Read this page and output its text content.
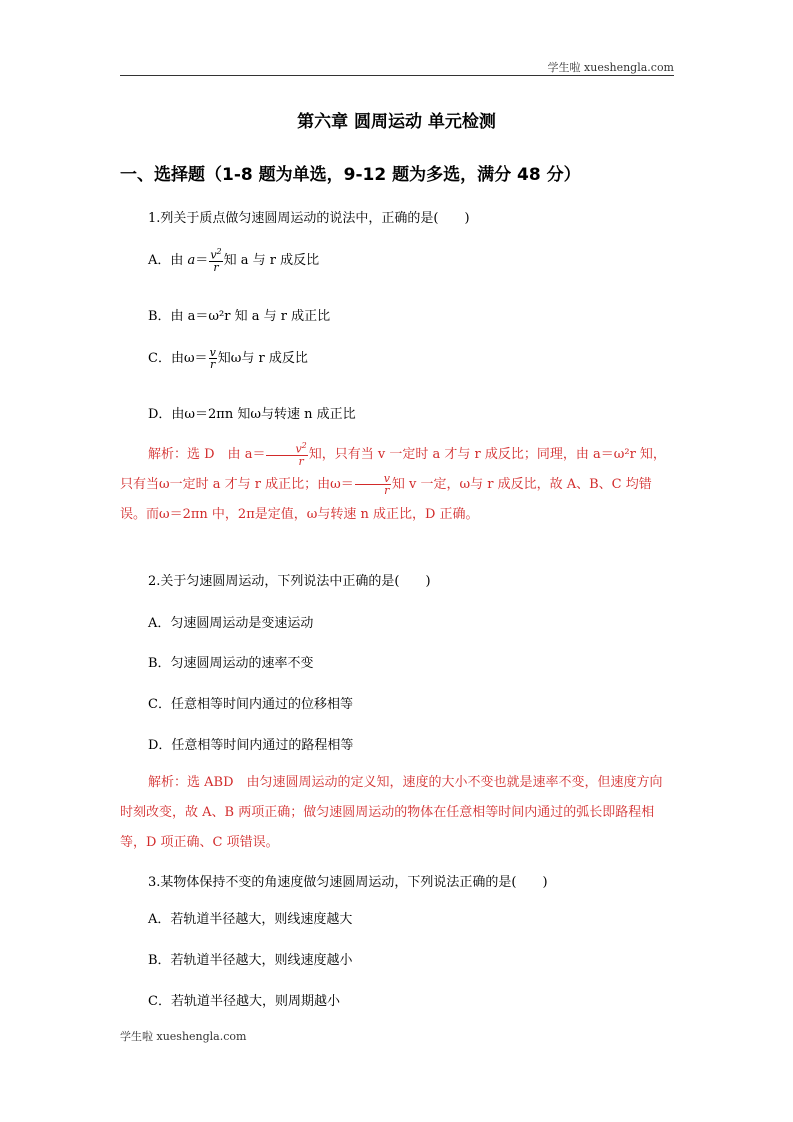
学生啦 xueshengla.com
第六章 圆周运动 单元检测
一、选择题（1-8 题为单选，9-12 题为多选，满分 48 分）
1.列关于质点做匀速圆周运动的说法中，正确的是(　　)
A．由 $a= \frac{v^2}{r}$ 知 a 与 r 成反比
B．由 a＝ω²r 知 a 与 r 成正比
C．由$\omega= \frac{v}{r}$ 知ω与 r 成反比
D．由ω＝2πn 知ω与转速 n 成正比
解析：选 D　由 $a= \frac{v^2}{r}$ 知，只有当 v 一定时 a 才与 r 成反比；同理，由 a＝ω²r 知，只有当ω一定时 a 才与 r 成正比；由$\omega= \frac{v}{r}$ 知 v 一定，ω与 r 成反比，故 A、B、C 均错误。而ω＝2πn 中，2π是定值，ω与转速 n 成正比，D 正确。
2.关于匀速圆周运动，下列说法中正确的是(　　)
A．匀速圆周运动是变速运动
B．匀速圆周运动的速率不变
C．任意相等时间内通过的位移相等
D．任意相等时间内通过的路程相等
解析：选 ABD　由匀速圆周运动的定义知，速度的大小不变也就是速率不变，但速度方向时刻改变，故 A、B 两项正确；做匀速圆周运动的物体在任意相等时间内通过的弧长即路程相等，D 项正确、C 项错误。
3.某物体保持不变的角速度做匀速圆周运动，下列说法正确的是(　　)
A．若轨道半径越大，则线速度越大
B．若轨道半径越大，则线速度越小
C．若轨道半径越大，则周期越小
学生啦 xueshengla.com
